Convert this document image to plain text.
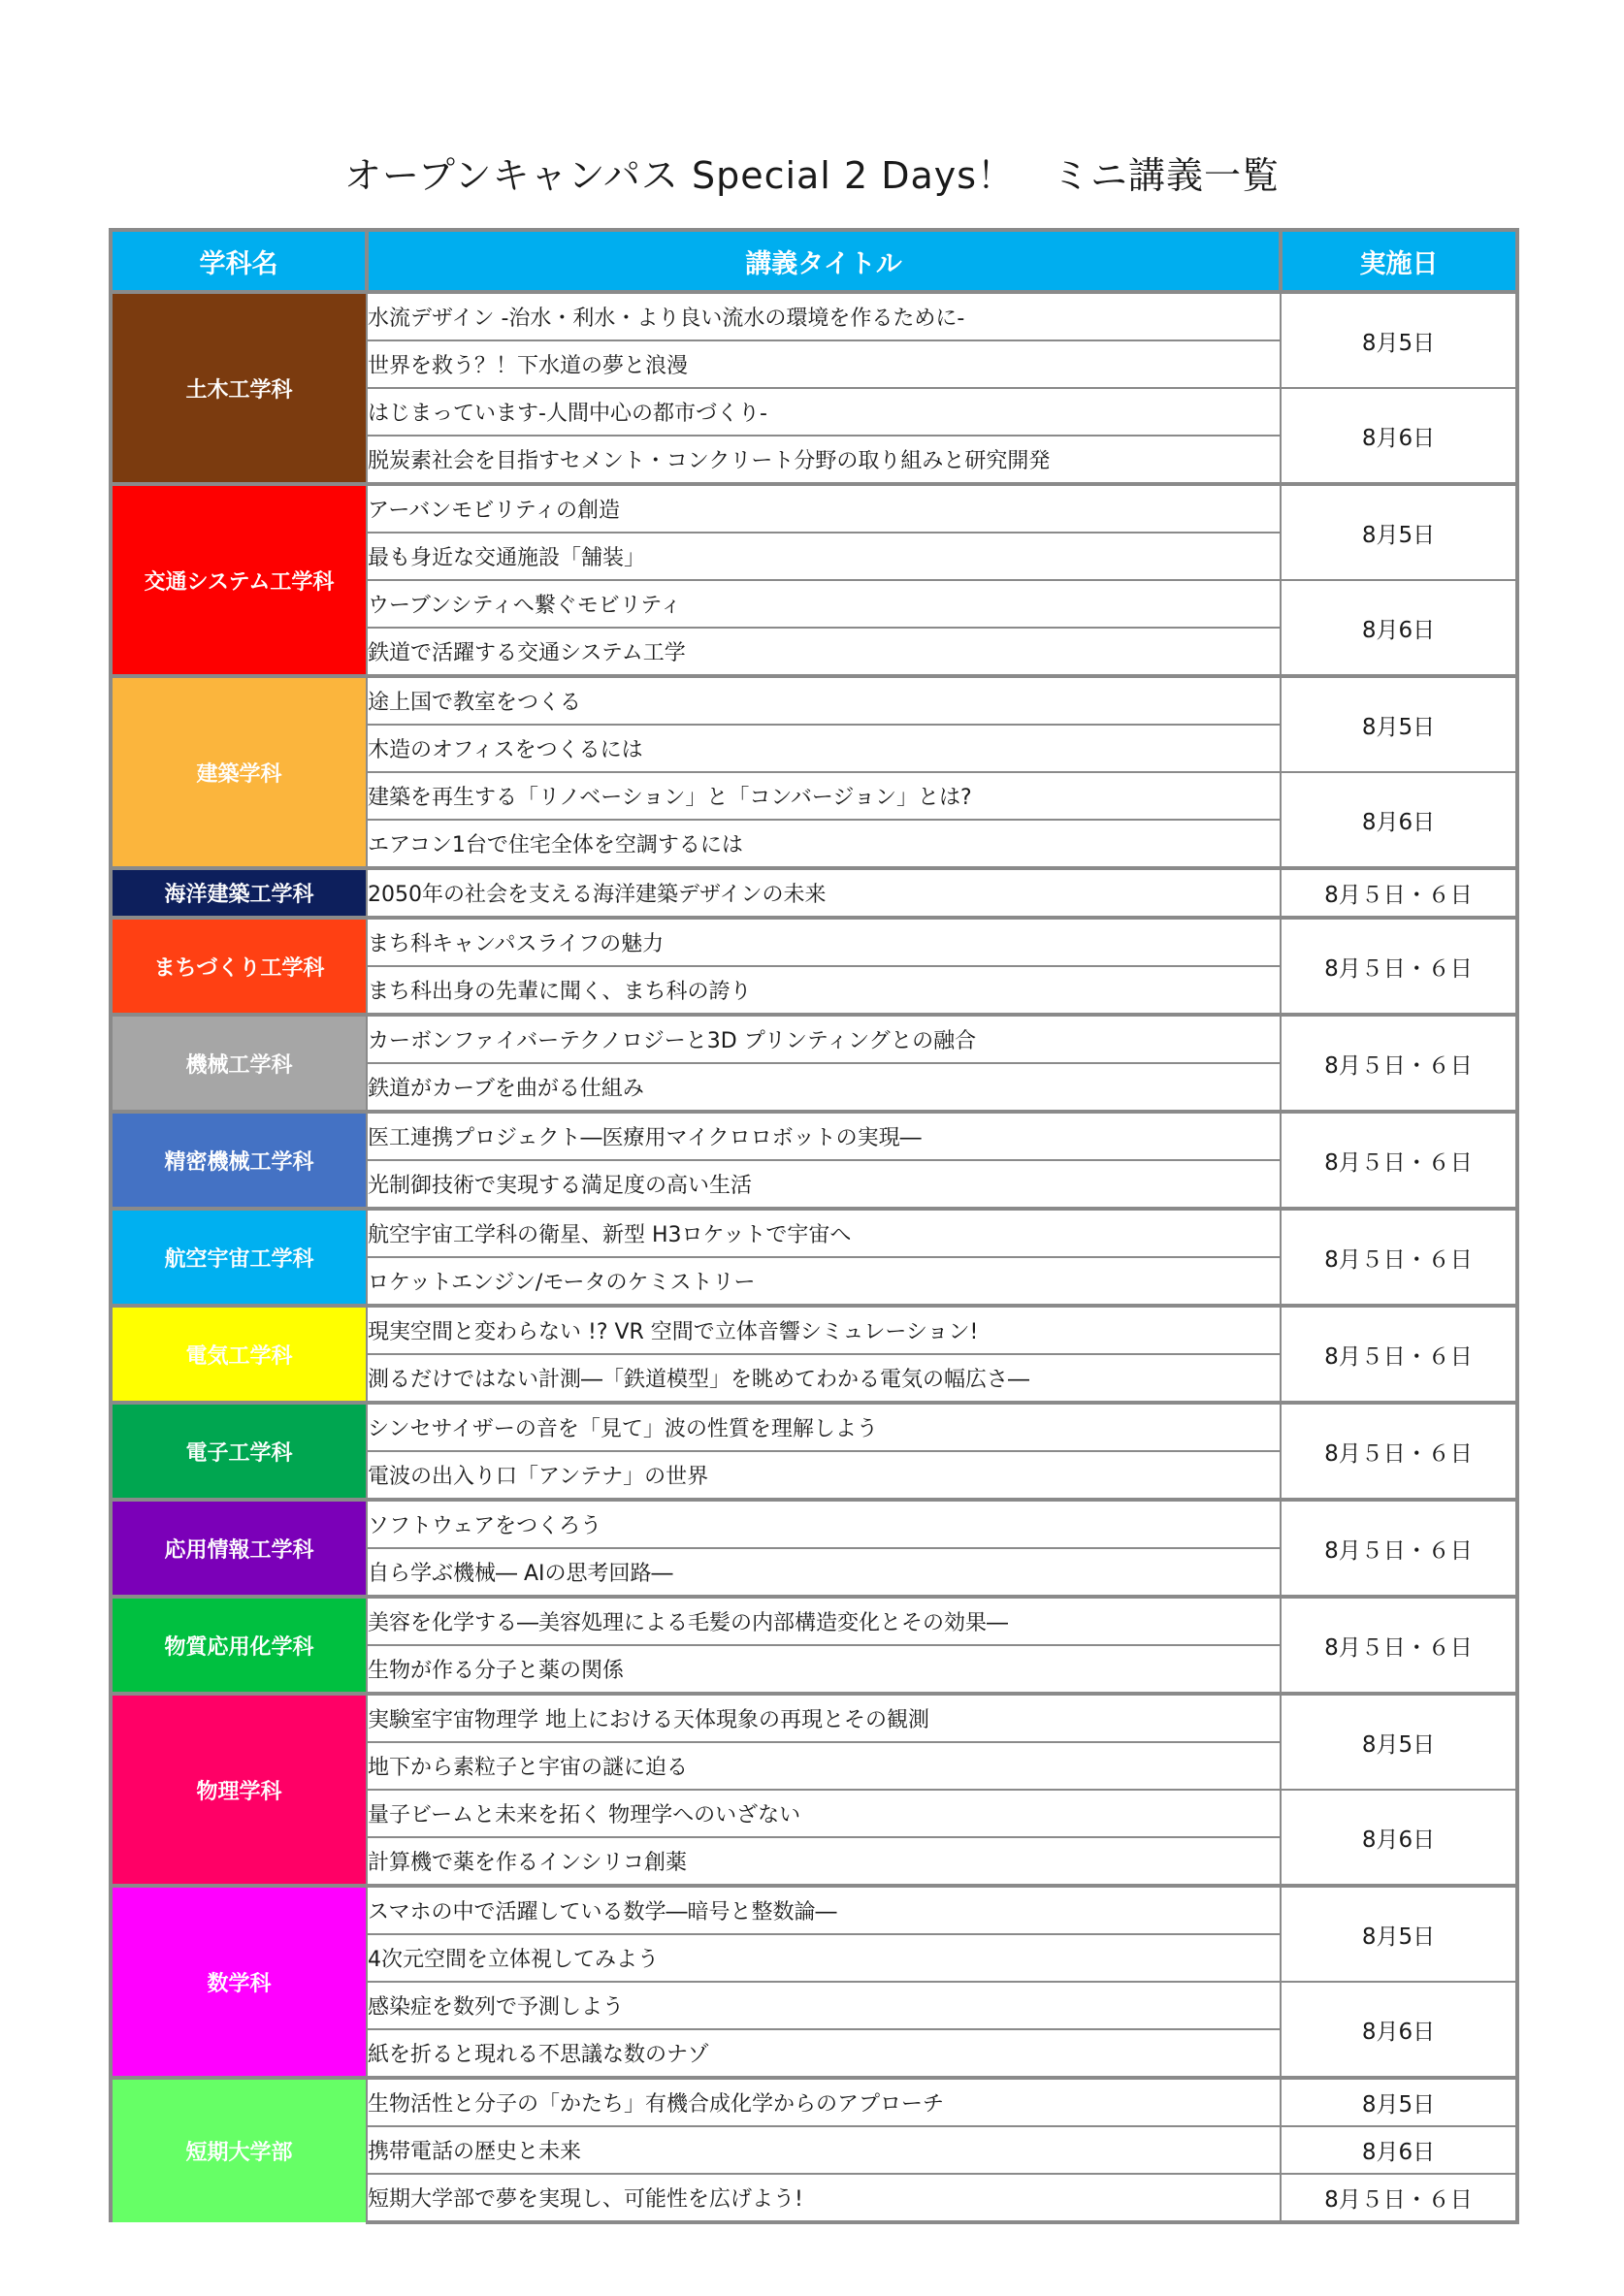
オープンキャンパス Special 2 Days！　ミニ講義一覧
学科名	講義タイトル	実施日
土木工学科	水流デザイン -治水・利水・より良い流水の環境を作るために-	8月5日
	世界を救う？！下水道の夢と浪漫	
	はじまっています-人間中心の都市づくり-	8月6日
	脱炭素社会を目指すセメント・コンクリート分野の取り組みと研究開発	
交通システム工学科	アーバンモビリティの創造	8月5日
	最も身近な交通施設「舗装」	
	ウーブンシティへ繋ぐモビリティ	8月6日
	鉄道で活躍する交通システム工学	
建築学科	途上国で教室をつくる	8月5日
	木造のオフィスをつくるには	
	建築を再生する「リノベーション」と「コンバージョン」とは?	8月6日
	エアコン1台で住宅全体を空調するには	
海洋建築工学科	2050年の社会を支える海洋建築デザインの未来	8月５日・６日
まちづくり工学科	まち科キャンパスライフの魅力	8月５日・６日
	まち科出身の先輩に聞く、まち科の誇り	
機械工学科	カーボンファイバーテクノロジーと3D プリンティングとの融合	8月５日・６日
	鉄道がカーブを曲がる仕組み	
精密機械工学科	医工連携プロジェクト―医療用マイクロロボットの実現―	8月５日・６日
	光制御技術で実現する満足度の高い生活	
航空宇宙工学科	航空宇宙工学科の衛星、新型 H3ロケットで宇宙へ	8月５日・６日
	ロケットエンジン/モータのケミストリー	
電気工学科	現実空間と変わらない !? VR 空間で立体音響シミュレーション!	8月５日・６日
	測るだけではない計測―「鉄道模型」を眺めてわかる電気の幅広さ―	
電子工学科	シンセサイザーの音を「見て」波の性質を理解しよう	8月５日・６日
	電波の出入り口「アンテナ」の世界	
応用情報工学科	ソフトウェアをつくろう	8月５日・６日
	自ら学ぶ機械― AIの思考回路―	
物質応用化学科	美容を化学する―美容処理による毛髪の内部構造変化とその効果―	8月５日・６日
	生物が作る分子と薬の関係	
物理学科	実験室宇宙物理学 地上における天体現象の再現とその観測	8月5日
	地下から素粒子と宇宙の謎に迫る	
	量子ビームと未来を拓く 物理学へのいざない	8月6日
	計算機で薬を作るインシリコ創薬	
数学科	スマホの中で活躍している数学―暗号と整数論―	8月5日
	4次元空間を立体視してみよう	
	感染症を数列で予測しよう	8月6日
	紙を折ると現れる不思議な数のナゾ	
短期大学部	生物活性と分子の「かたち」有機合成化学からのアプローチ	8月5日
	携帯電話の歴史と未来	8月6日
	短期大学部で夢を実現し、可能性を広げよう!	8月５日・６日
